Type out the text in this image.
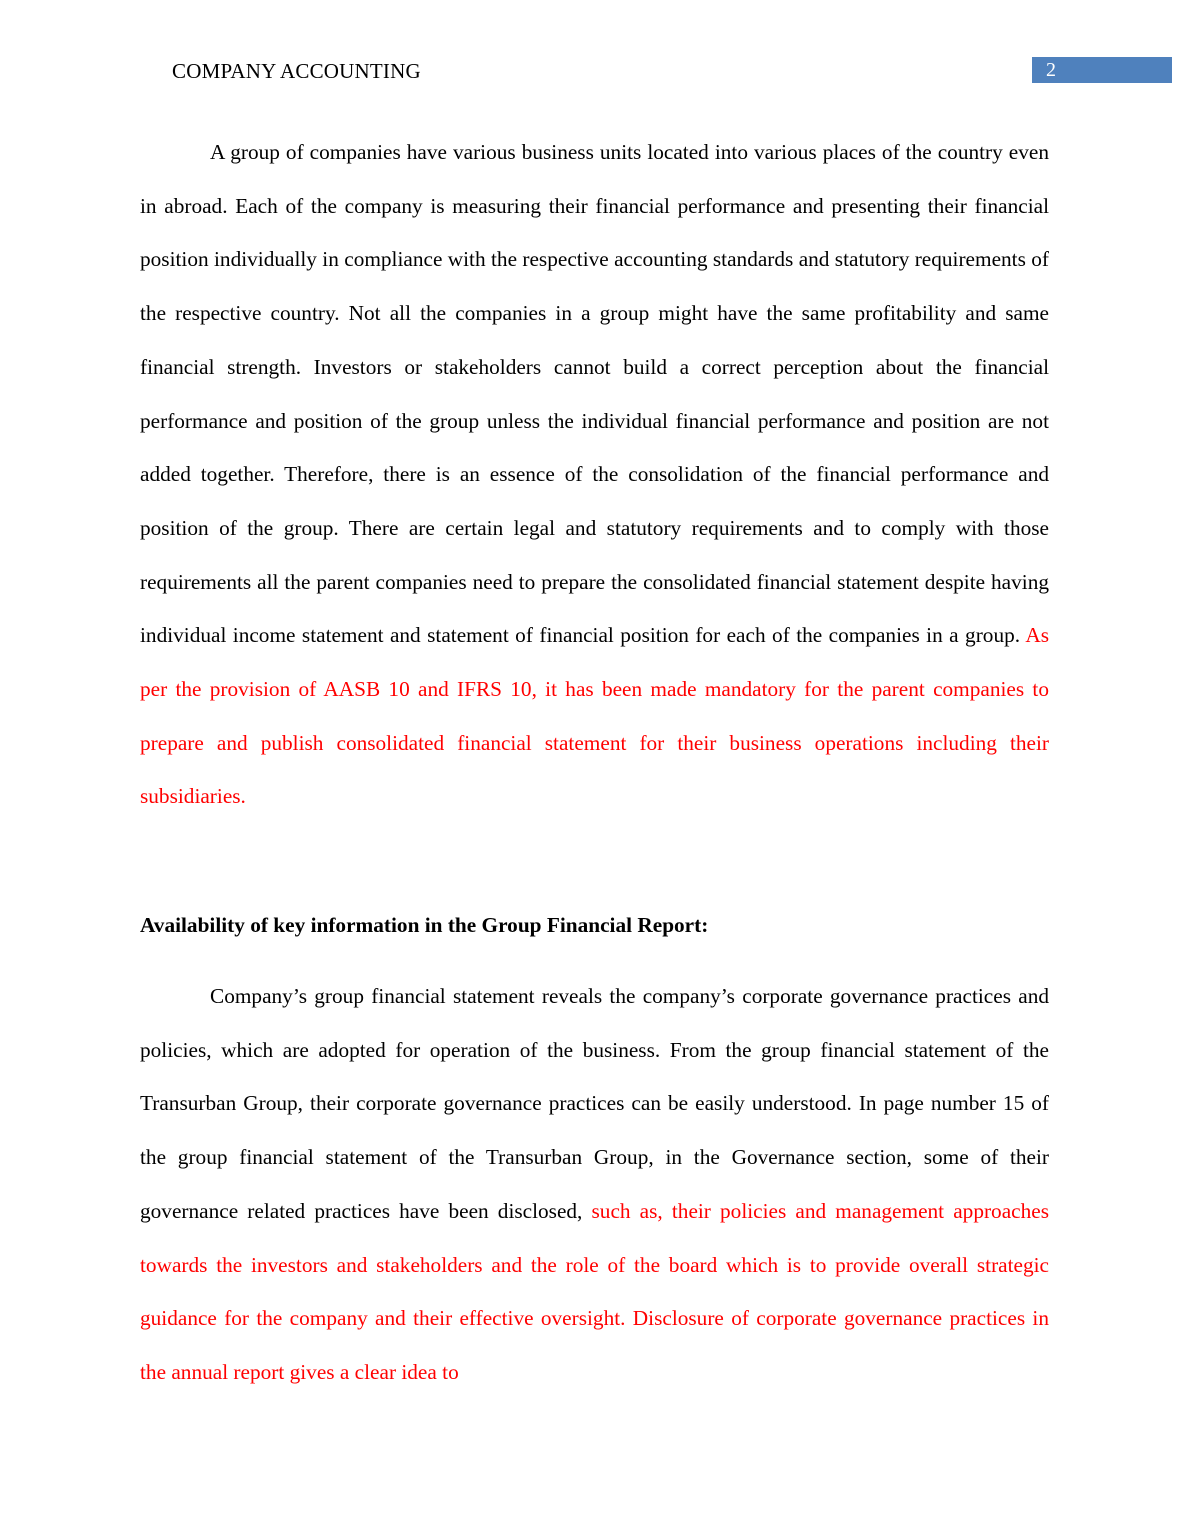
COMPANY ACCOUNTING	2

A group of companies have various business units located into various places of the country even in abroad. Each of the company is measuring their financial performance and presenting their financial position individually in compliance with the respective accounting standards and statutory requirements of the respective country. Not all the companies in a group might have the same profitability and same financial strength. Investors or stakeholders cannot build a correct perception about the financial performance and position of the group unless the individual financial performance and position are not added together. Therefore, there is an essence of the consolidation of the financial performance and position of the group. There are certain legal and statutory requirements and to comply with those requirements all the parent companies need to prepare the consolidated financial statement despite having individual income statement and statement of financial position for each of the companies in a group. As per the provision of AASB 10 and IFRS 10, it has been made mandatory for the parent companies to prepare and publish consolidated financial statement for their business operations including their subsidiaries.

Availability of key information in the Group Financial Report:

Company’s group financial statement reveals the company’s corporate governance practices and policies, which are adopted for operation of the business. From the group financial statement of the Transurban Group, their corporate governance practices can be easily understood. In page number 15 of the group financial statement of the Transurban Group, in the Governance section, some of their governance related practices have been disclosed, such as, their policies and management approaches towards the investors and stakeholders and the role of the board which is to provide overall strategic guidance for the company and their effective oversight. Disclosure of corporate governance practices in the annual report gives a clear idea to
